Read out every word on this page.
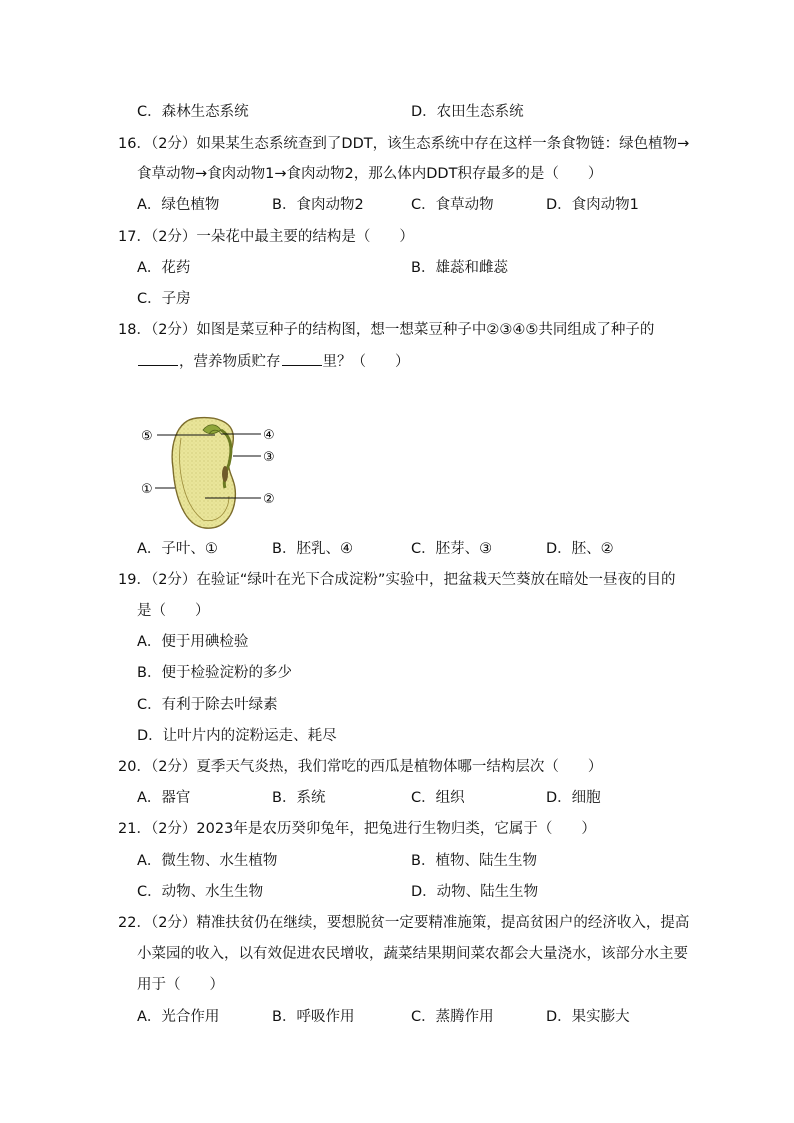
C．森林生态系统	D．农田生态系统
16．（2分）如果某生态系统查到了DDT，该生态系统中存在这样一条食物链：绿色植物→
食草动物→食肉动物1→食肉动物2，那么体内DDT积存最多的是（　　）
A．绿色植物	B．食肉动物2	C．食草动物	D．食肉动物1
17．（2分）一朵花中最主要的结构是（　　）
A．花药	B．雄蕊和雌蕊
C．子房
18．（2分）如图是菜豆种子的结构图，想一想菜豆种子中②③④⑤共同组成了种子的
，营养物质贮存	里？（　　）
⑤	④
③
①
②
A．子叶、①	B．胚乳、④	C．胚芽、③	D．胚、②
19．（2分）在验证“绿叶在光下合成淀粉”实验中，把盆栽天竺葵放在暗处一昼夜的目的
是（　　）
A．便于用碘检验
B．便于检验淀粉的多少
C．有利于除去叶绿素
D．让叶片内的淀粉运走、耗尽
20．（2分）夏季天气炎热，我们常吃的西瓜是植物体哪一结构层次（　　）
A．器官	B．系统	C．组织	D．细胞
21．（2分）2023年是农历癸卯兔年，把兔进行生物归类，它属于（　　）
A．微生物、水生植物	B．植物、陆生生物
C．动物、水生生物	D．动物、陆生生物
22．（2分）精准扶贫仍在继续，要想脱贫一定要精准施策，提高贫困户的经济收入，提高
小菜园的收入，以有效促进农民增收，蔬菜结果期间菜农都会大量浇水，该部分水主要
用于（　　）
A．光合作用	B．呼吸作用	C．蒸腾作用	D．果实膨大
